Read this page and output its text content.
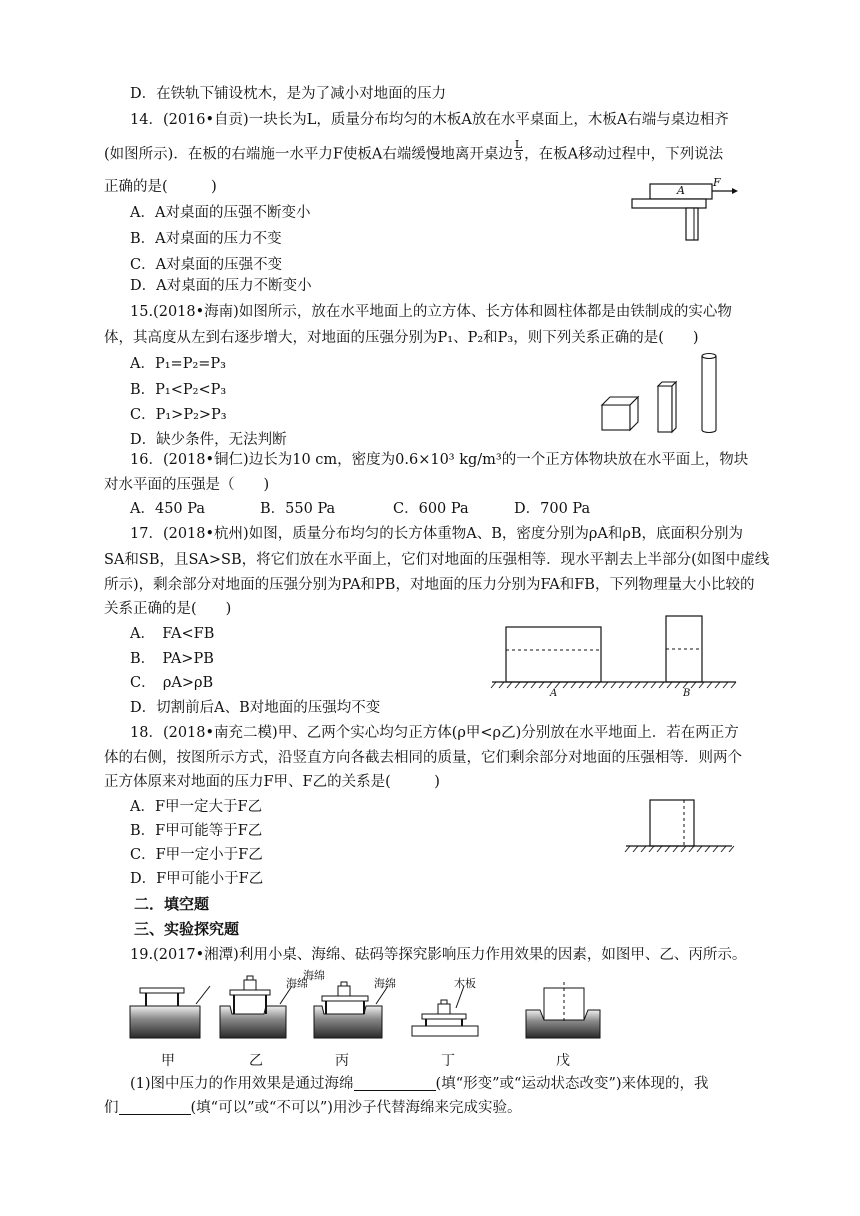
D．在铁轨下铺设枕木，是为了减小对地面的压力
14．(2016•自贡)一块长为L，质量分布均匀的木板A放在水平桌面上，木板A右端与桌边相齐
(如图所示)．在板的右端施一水平力F使板A右端缓慢地离开桌边 $\frac{L}{3}$ ，在板A移动过程中，下列说法
正确的是(　　　)
A．A对桌面的压强不断变小
B．A对桌面的压力不变
C．A对桌面的压强不变
D．A对桌面的压力不断变小
A
F
15.(2018•海南)如图所示，放在水平地面上的立方体、长方体和圆柱体都是由铁制成的实心物
体，其高度从左到右逐步增大，对地面的压强分别为P₁、P₂和P₃，则下列关系正确的是(　　)
A．P₁=P₂=P₃
B．P₁<P₂<P₃
C．P₁>P₂>P₃
D．缺少条件，无法判断
16．(2018•铜仁)边长为10 cm，密度为0.6×10³ kg/m³的一个正方体物块放在水平面上，物块
对水平面的压强是（　　)
A．450 Pa	B．550 Pa	C．600 Pa	D．700 Pa
17．(2018•杭州)如图，质量分布均匀的长方体重物A、B，密度分别为ρA和ρB，底面积分别为
SA和SB，且SA>SB，将它们放在水平面上，它们对地面的压强相等．现水平割去上半部分(如图中虚线
所示)，剩余部分对地面的压强分别为PA和PB，对地面的压力分别为FA和FB，下列物理量大小比较的
关系正确的是(　　)
A．　FA<FB
B．　PA>PB
C．　ρA>ρB
D．切割前后A、B对地面的压强均不变
A	B
18．(2018•南充二模)甲、乙两个实心均匀正方体(ρ甲<ρ乙)分别放在水平地面上．若在两正方
体的右侧，按图所示方式，沿竖直方向各截去相同的质量，它们剩余部分对地面的压强相等．则两个
正方体原来对地面的压力F甲、F乙的关系是(　　　)
A．F甲一定大于F乙
B．F甲可能等于F乙
C．F甲一定小于F乙
D．F甲可能小于F乙
二．填空题
三、实验探究题
19.(2017•湘潭)利用小桌、海绵、砝码等探究影响压力作用效果的因素，如图甲、乙、丙所示。
海绵
海绵	海绵	木板
甲	乙	丙	丁	戊
(1)图中压力的作用效果是通过海绵	(填“形变”或“运动状态改变”)来体现的，我
们	(填“可以”或“不可以”)用沙子代替海绵来完成实验。
